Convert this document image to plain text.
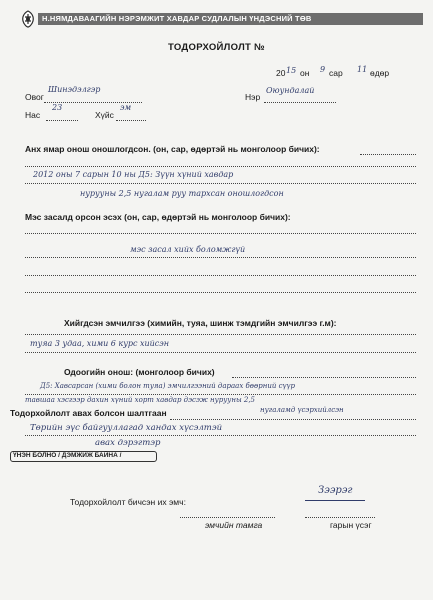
Н.НЯМДАВААГИЙН НЭРЭМЖИТ ХАВДАР СУДЛАЛЫН ҮНДЭСНИЙ ТӨВ
ТОДОРХОЙЛОЛТ №
20 15 он 9 сар 11 өдөр
Овог
Шинэдэлгэр
Нэр
Оюундалай
Нас
23
Хүйс
эм
Анх ямар онош оношлогдсон. (он, сар, өдөртэй нь монголоор бичих):
2012 оны 7 сарын 10 ны Д5: Зүүн хүний хавдар
нурууны 2,5 нугалам руу тархсан оношлогдсон
Мэс засалд орсон эсэх (он, сар, өдөртэй нь монголоор бичих):
мэс засал хийх боломжгүй
Хийгдсэн эмчилгээ (химийн, туяа, шинж тэмдгийн эмчилгээ г.м):
туяа 3 удаа, хими 6 курс хийсэн
Одоогийн онош: (монголоор бичих)
Д5: Хавсарсан (хими болон туяа) эмчилгээний дараах бөөрний сүүр
тавшаа хэсгээр дахин хүний хорт хавдар дэсэж нурууны 2,5
Тодорхойлолт авах болсон шалтгаан	нугаламд үсэрхийлсэн
Төрийн эүс байгууллагад хандах хүсэлтэй
авах дэрэгтэр
ҮНЭН БОЛНО / ДЭМЖИЖ БАЙНА /
Тодорхойлолт бичсэн их эмч:
Зээрэг
эмчийн тамга	гарын үсэг
